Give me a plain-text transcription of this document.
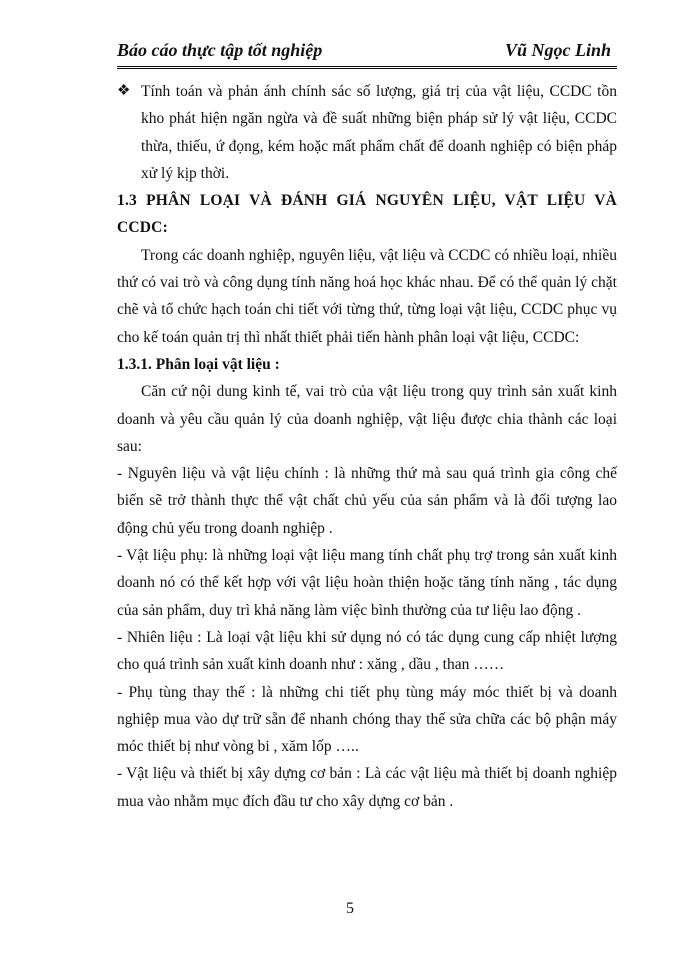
Báo cáo thực tập tốt nghiệp	Vũ Ngọc Linh

❖ Tính toán và phản ánh chính sác số lượng, giá trị của vật liệu, CCDC tồn kho phát hiện ngăn ngừa và đề suất những biện pháp sử lý vật liệu, CCDC thừa, thiếu, ứ đọng, kém hoặc mất phẩm chất để doanh nghiệp có biện pháp xử lý kịp thời.

1.3 PHÂN LOẠI VÀ ĐÁNH GIÁ NGUYÊN LIỆU, VẬT LIỆU VÀ CCDC:

Trong các doanh nghiệp, nguyên liệu, vật liệu và CCDC có nhiều loại, nhiều thứ có vai trò và công dụng tính năng hoá học khác nhau. Để có thể quản lý chặt chẽ và tổ chức hạch toán chi tiết với từng thứ, từng loại vật liệu, CCDC phục vụ cho kế toán quản trị thì nhất thiết phải tiến hành phân loại vật liệu, CCDC:

1.3.1. Phân loại vật liệu :

Căn cứ nội dung kinh tế, vai trò của vật liệu trong quy trình sản xuất kinh doanh và yêu cầu quản lý của doanh nghiệp, vật liệu được chia thành các loại sau:

- Nguyên liệu và vật liệu chính : là những thứ mà sau quá trình gia công chế biến sẽ trở thành thực thể vật chất chủ yếu của sản phẩm và là đối tượng lao động chủ yếu trong doanh nghiệp .

- Vật liệu phụ: là những loại vật liệu mang tính chất phụ trợ trong sản xuất kinh doanh nó có thể kết hợp với vật liệu hoàn thiện hoặc tăng tính năng , tác dụng của sản phẩm, duy trì khả năng làm việc bình thường của tư liệu lao động .

- Nhiên liệu : Là loại vật liệu khi sử dụng nó có tác dụng cung cấp nhiệt lượng cho quá trình sản xuất kinh doanh như : xăng , dầu , than ……

- Phụ tùng thay thế : là những chi tiết phụ tùng máy móc thiết bị và doanh nghiệp mua vào dự trữ sẵn để nhanh chóng thay thế sửa chữa các bộ phận máy móc thiết bị như vòng bi , xăm lốp …..

- Vật liệu và thiết bị xây dựng cơ bản : Là các vật liệu mà thiết bị doanh nghiệp mua vào nhằm mục đích đầu tư cho xây dựng cơ bản .

5
